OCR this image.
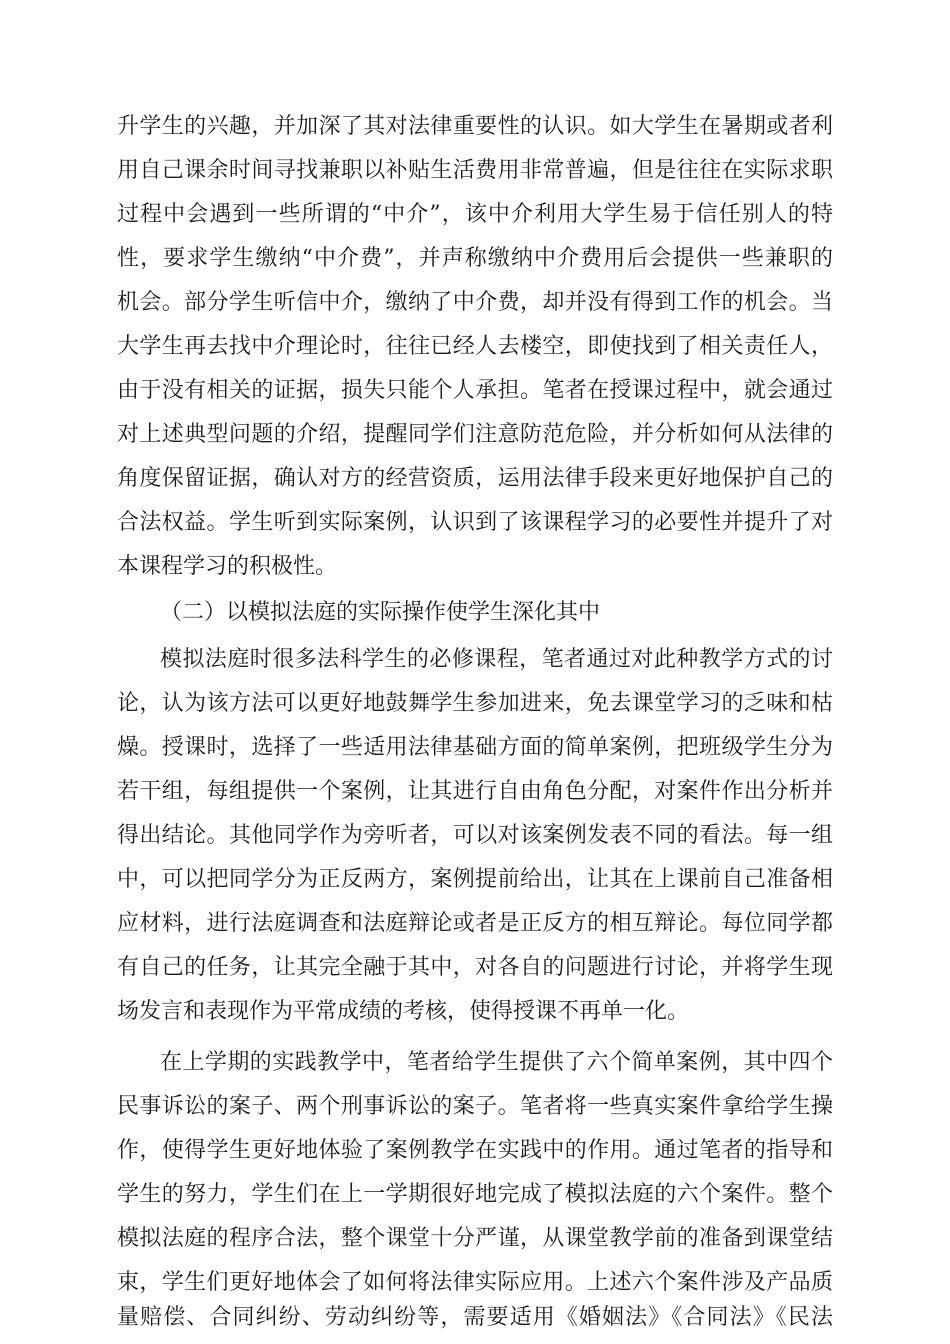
升学生的兴趣，并加深了其对法律重要性的认识。如大学生在暑期或者利
用自己课余时间寻找兼职以补贴生活费用非常普遍，但是往往在实际求职
过程中会遇到一些所谓的“中介”，该中介利用大学生易于信任别人的特
性，要求学生缴纳“中介费”，并声称缴纳中介费用后会提供一些兼职的
机会。部分学生听信中介，缴纳了中介费，却并没有得到工作的机会。当
大学生再去找中介理论时，往往已经人去楼空，即使找到了相关责任人，
由于没有相关的证据，损失只能个人承担。笔者在授课过程中，就会通过
对上述典型问题的介绍，提醒同学们注意防范危险，并分析如何从法律的
角度保留证据，确认对方的经营资质，运用法律手段来更好地保护自己的
合法权益。学生听到实际案例，认识到了该课程学习的必要性并提升了对
本课程学习的积极性。
（二）以模拟法庭的实际操作使学生深化其中
模拟法庭时很多法科学生的必修课程，笔者通过对此种教学方式的讨
论，认为该方法可以更好地鼓舞学生参加进来，免去课堂学习的乏味和枯
燥。授课时，选择了一些适用法律基础方面的简单案例，把班级学生分为
若干组，每组提供一个案例，让其进行自由角色分配，对案件作出分析并
得出结论。其他同学作为旁听者，可以对该案例发表不同的看法。每一组
中，可以把同学分为正反两方，案例提前给出，让其在上课前自己准备相
应材料，进行法庭调查和法庭辩论或者是正反方的相互辩论。每位同学都
有自己的任务，让其完全融于其中，对各自的问题进行讨论，并将学生现
场发言和表现作为平常成绩的考核，使得授课不再单一化。
在上学期的实践教学中，笔者给学生提供了六个简单案例，其中四个
民事诉讼的案子、两个刑事诉讼的案子。笔者将一些真实案件拿给学生操
作，使得学生更好地体验了案例教学在实践中的作用。通过笔者的指导和
学生的努力，学生们在上一学期很好地完成了模拟法庭的六个案件。整个
模拟法庭的程序合法，整个课堂十分严谨，从课堂教学前的准备到课堂结
束，学生们更好地体会了如何将法律实际应用。上述六个案件涉及产品质
量赔偿、合同纠纷、劳动纠纷等，需要适用《婚姻法》《合同法》《民法
